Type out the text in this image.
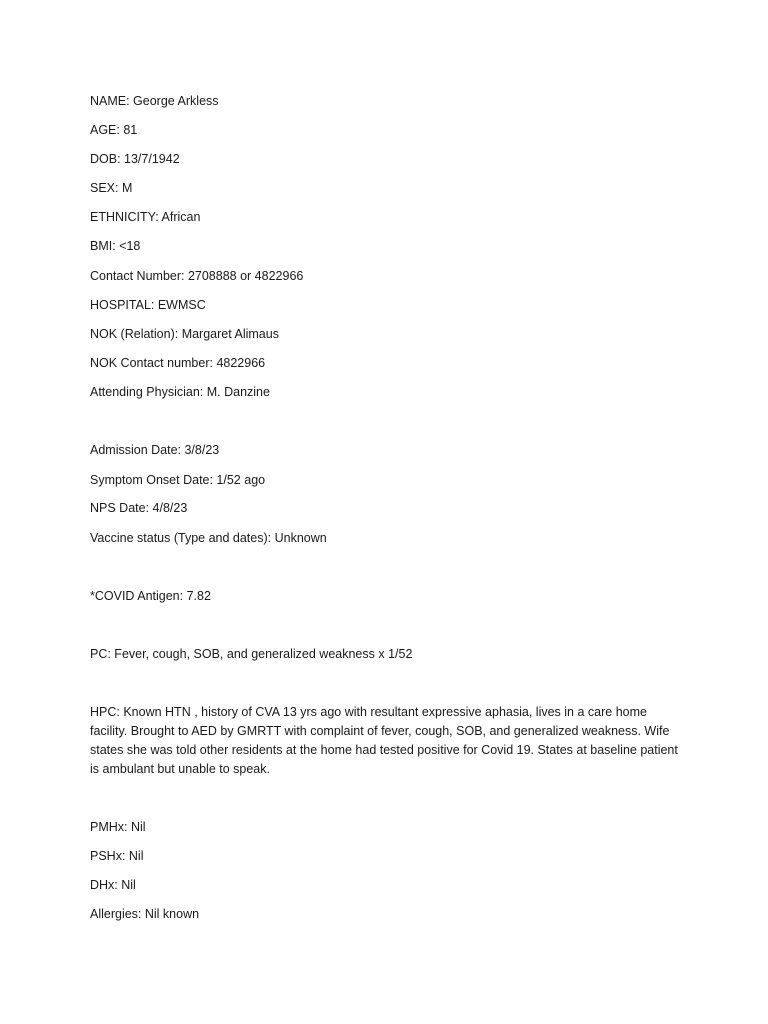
NAME: George Arkless
AGE: 81
DOB: 13/7/1942
SEX: M
ETHNICITY: African
BMI: <18
Contact Number: 2708888 or 4822966
HOSPITAL: EWMSC
NOK (Relation): Margaret Alimaus
NOK Contact number: 4822966
Attending Physician: M. Danzine
Admission Date: 3/8/23
Symptom Onset Date: 1/52 ago
NPS Date: 4/8/23
Vaccine status (Type and dates): Unknown
*COVID Antigen: 7.82
PC: Fever, cough, SOB, and generalized weakness x 1/52
HPC: Known HTN , history of CVA 13 yrs ago with resultant expressive aphasia, lives in a care home facility. Brought to AED by GMRTT with complaint of fever, cough, SOB, and generalized weakness. Wife states she was told other residents at the home had tested positive for Covid 19. States at baseline patient is ambulant but unable to speak.
PMHx: Nil
PSHx: Nil
DHx: Nil
Allergies: Nil known
